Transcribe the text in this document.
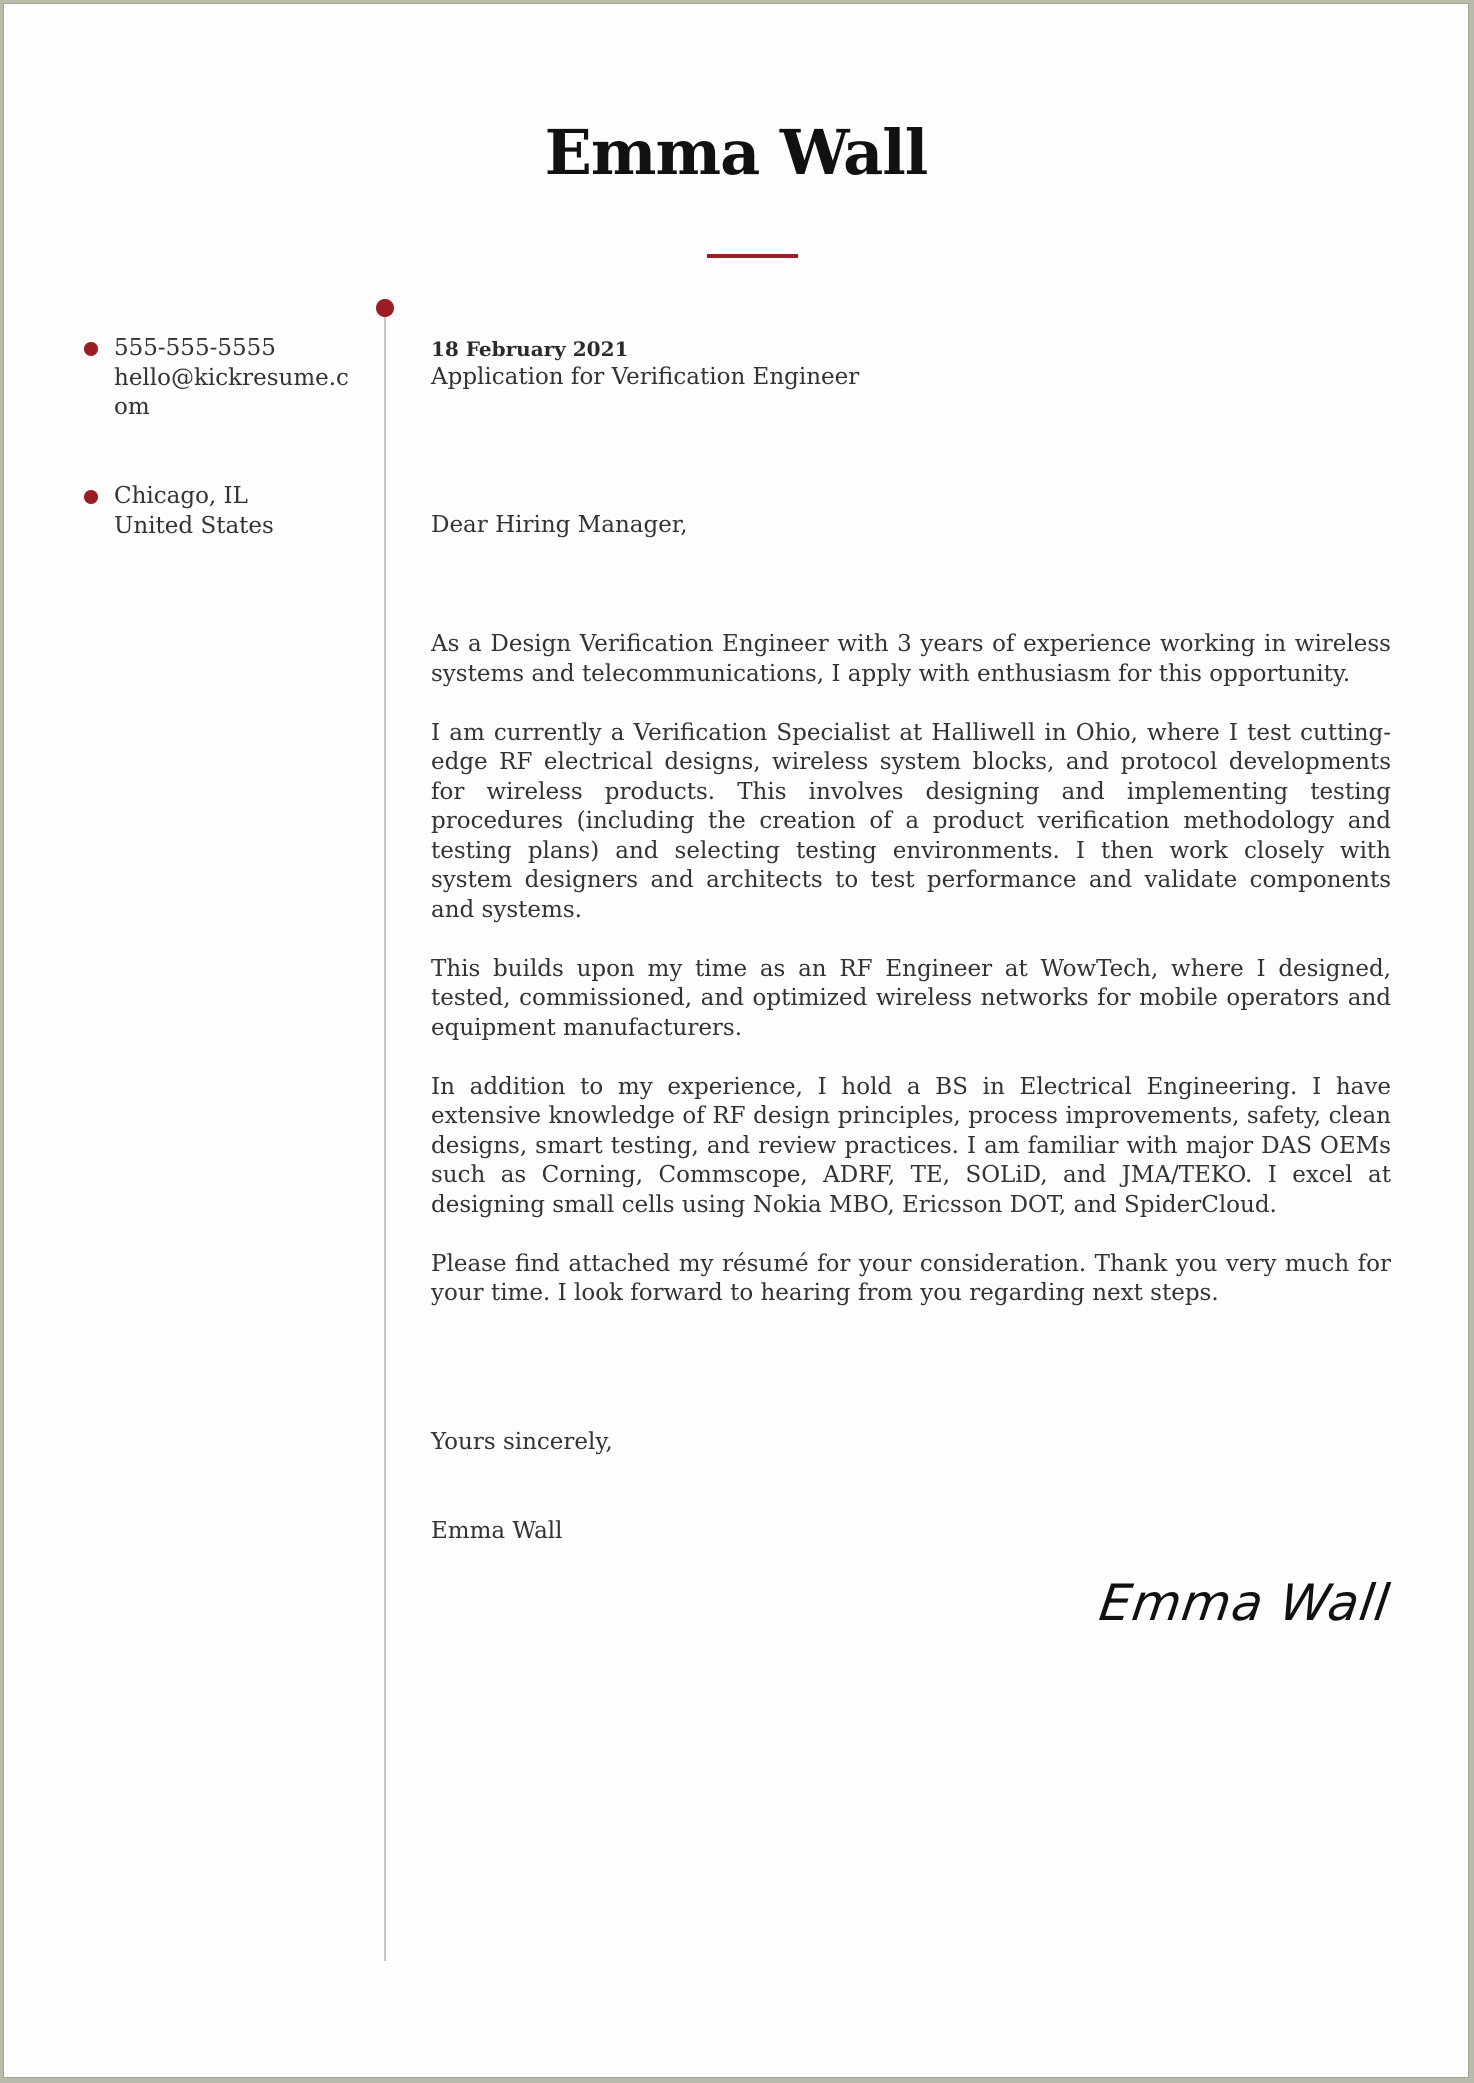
Emma Wall
555-555-5555
hello@kickresume.c
om
Chicago, IL
United States
18 February 2021
Application for Verification Engineer
Dear Hiring Manager,

As a Design Verification Engineer with 3 years of experience working in wireless systems and telecommunications, I apply with enthusiasm for this opportunity.

I am currently a Verification Specialist at Halliwell in Ohio, where I test cutting-edge RF electrical designs, wireless system blocks, and protocol developments for wireless products. This involves designing and implementing testing procedures (including the creation of a product verification methodology and testing plans) and selecting testing environments. I then work closely with system designers and architects to test performance and validate components and systems.

This builds upon my time as an RF Engineer at WowTech, where I designed, tested, commissioned, and optimized wireless networks for mobile operators and equipment manufacturers.

In addition to my experience, I hold a BS in Electrical Engineering. I have extensive knowledge of RF design principles, process improvements, safety, clean designs, smart testing, and review practices. I am familiar with major DAS OEMs such as Corning, Commscope, ADRF, TE, SOLiD, and JMA/TEKO. I excel at designing small cells using Nokia MBO, Ericsson DOT, and SpiderCloud.

Please find attached my résumé for your consideration. Thank you very much for your time. I look forward to hearing from you regarding next steps.

Yours sincerely,
Emma Wall
Emma Wall
